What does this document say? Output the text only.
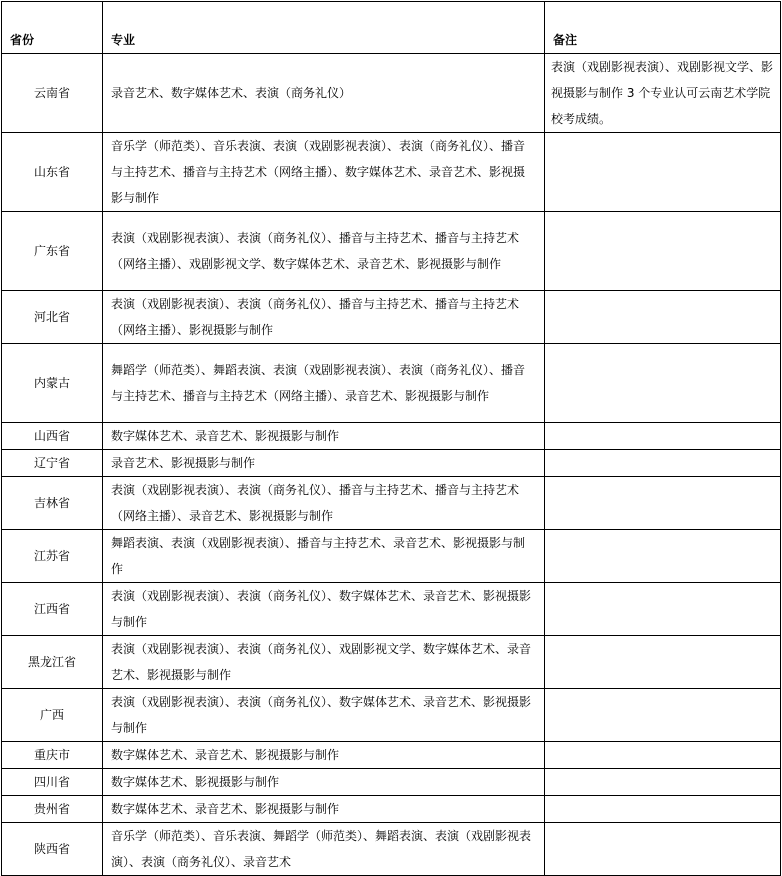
省份	专业	备注
云南省	录音艺术、数字媒体艺术、表演（商务礼仪）	表演（戏剧影视表演）、戏剧影视文学、影视摄影与制作 3 个专业认可云南艺术学院校考成绩。
山东省	音乐学（师范类）、音乐表演、表演（戏剧影视表演）、表演（商务礼仪）、播音与主持艺术、播音与主持艺术（网络主播）、数字媒体艺术、录音艺术、影视摄影与制作	
广东省	表演（戏剧影视表演）、表演（商务礼仪）、播音与主持艺术、播音与主持艺术（网络主播）、戏剧影视文学、数字媒体艺术、录音艺术、影视摄影与制作	
河北省	表演（戏剧影视表演）、表演（商务礼仪）、播音与主持艺术、播音与主持艺术（网络主播）、影视摄影与制作	
内蒙古	舞蹈学（师范类）、舞蹈表演、表演（戏剧影视表演）、表演（商务礼仪）、播音与主持艺术、播音与主持艺术（网络主播）、录音艺术、影视摄影与制作	
山西省	数字媒体艺术、录音艺术、影视摄影与制作	
辽宁省	录音艺术、影视摄影与制作	
吉林省	表演（戏剧影视表演）、表演（商务礼仪）、播音与主持艺术、播音与主持艺术（网络主播）、录音艺术、影视摄影与制作	
江苏省	舞蹈表演、表演（戏剧影视表演）、播音与主持艺术、录音艺术、影视摄影与制作	
江西省	表演（戏剧影视表演）、表演（商务礼仪）、数字媒体艺术、录音艺术、影视摄影与制作	
黑龙江省	表演（戏剧影视表演）、表演（商务礼仪）、戏剧影视文学、数字媒体艺术、录音艺术、影视摄影与制作	
广西	表演（戏剧影视表演）、表演（商务礼仪）、数字媒体艺术、录音艺术、影视摄影与制作	
重庆市	数字媒体艺术、录音艺术、影视摄影与制作	
四川省	数字媒体艺术、影视摄影与制作	
贵州省	数字媒体艺术、录音艺术、影视摄影与制作	
陕西省	音乐学（师范类）、音乐表演、舞蹈学（师范类）、舞蹈表演、表演（戏剧影视表演）、表演（商务礼仪）、录音艺术	
